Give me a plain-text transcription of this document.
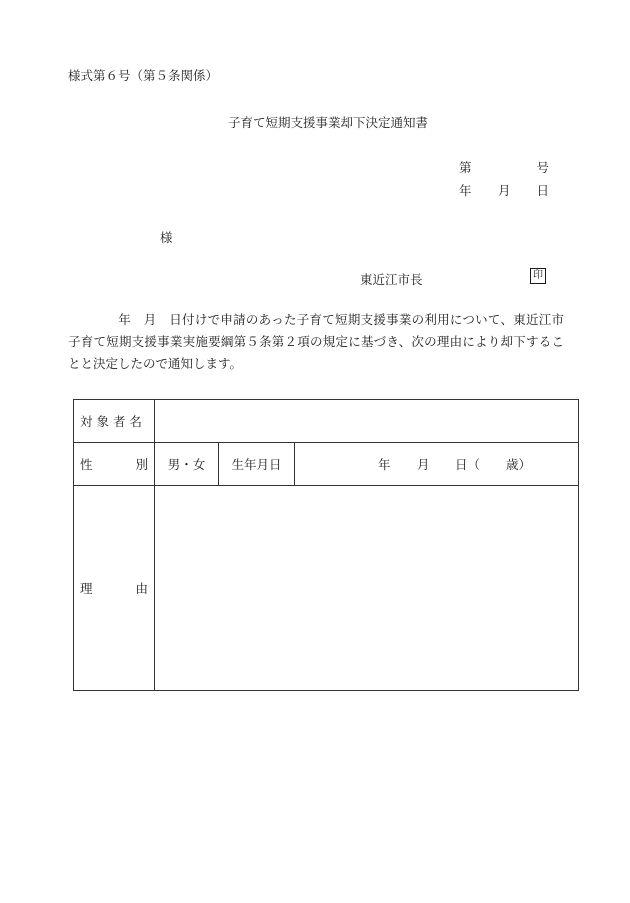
様式第６号（第５条関係）
子育て短期支援事業却下決定通知書
第	号
年 月 日
様
東近江市長	印
年　月　日付けで申請のあった子育て短期支援事業の利用について、東近江市子育て短期支援事業実施要綱第５条第２項の規定に基づき、次の理由により却下することと決定したので通知します。
対 象 者 名			

性 別	男・女	生年月日	年 月 日（ 歳）

理 由			
